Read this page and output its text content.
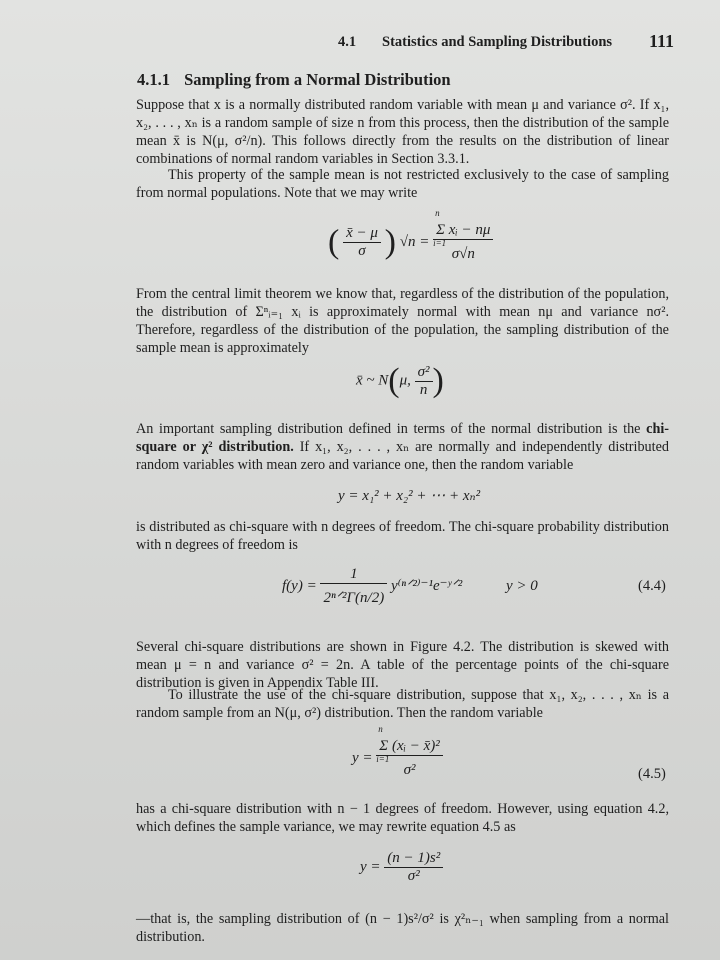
4.1 Statistics and Sampling Distributions 111
4.1.1 Sampling from a Normal Distribution

Suppose that x is a normally distributed random variable with mean μ and variance σ². If x₁, x₂, . . . , xₙ is a random sample of size n from this process, then the distribution of the sample mean x̄ is N(μ, σ²/n). This follows directly from the results on the distribution of linear combinations of normal random variables in Section 3.3.1.

This property of the sample mean is not restricted exclusively to the case of sampling from normal populations. Note that we may write

( $\frac{x̄ - \mu}{\sigma}$ ) √n = n
Σ xᵢ − nμ
i=1
σ√n

From the central limit theorem we know that, regardless of the distribution of the population, the distribution of Σⁿᵢ₌₁ xᵢ is approximately normal with mean nμ and variance nσ². Therefore, regardless of the distribution of the population, the sampling distribution of the sample mean is approximately

x̄ ~ N(μ, $\frac{\text{σ²}}{n}$ )

An important sampling distribution defined in terms of the normal distribution is the chi-square or χ² distribution. If x₁, x₂, . . . , xₙ are normally and independently distributed random variables with mean zero and variance one, then the random variable

y = x₁² + x₂² + ⋯ + xₙ²

is distributed as chi-square with n degrees of freedom. The chi-square probability distribution with n degrees of freedom is

$f(y) = \frac{1}{\text{2ⁿᐟ²Γ(n/2)}}$ y⁽ⁿᐟ²⁾⁻¹e⁻ʸᐟ²	y > 0	(4.4)

Several chi-square distributions are shown in Figure 4.2. The distribution is skewed with mean μ = n and variance σ² = 2n. A table of the percentage points of the chi-square distribution is given in Appendix Table III.

To illustrate the use of the chi-square distribution, suppose that x₁, x₂, . . . , xₙ is a random sample from an N(μ, σ²) distribution. Then the random variable

y = n
Σ (xᵢ − x̄)²
i=1
σ²	(4.5)

has a chi-square distribution with n − 1 degrees of freedom. However, using equation 4.2, which defines the sample variance, we may rewrite equation 4.5 as

$y = \frac{\text{(n − 1)s²}}{\text{σ²}}$

—that is, the sampling distribution of (n − 1)s²/σ² is χ²ₙ₋₁ when sampling from a normal distribution.
